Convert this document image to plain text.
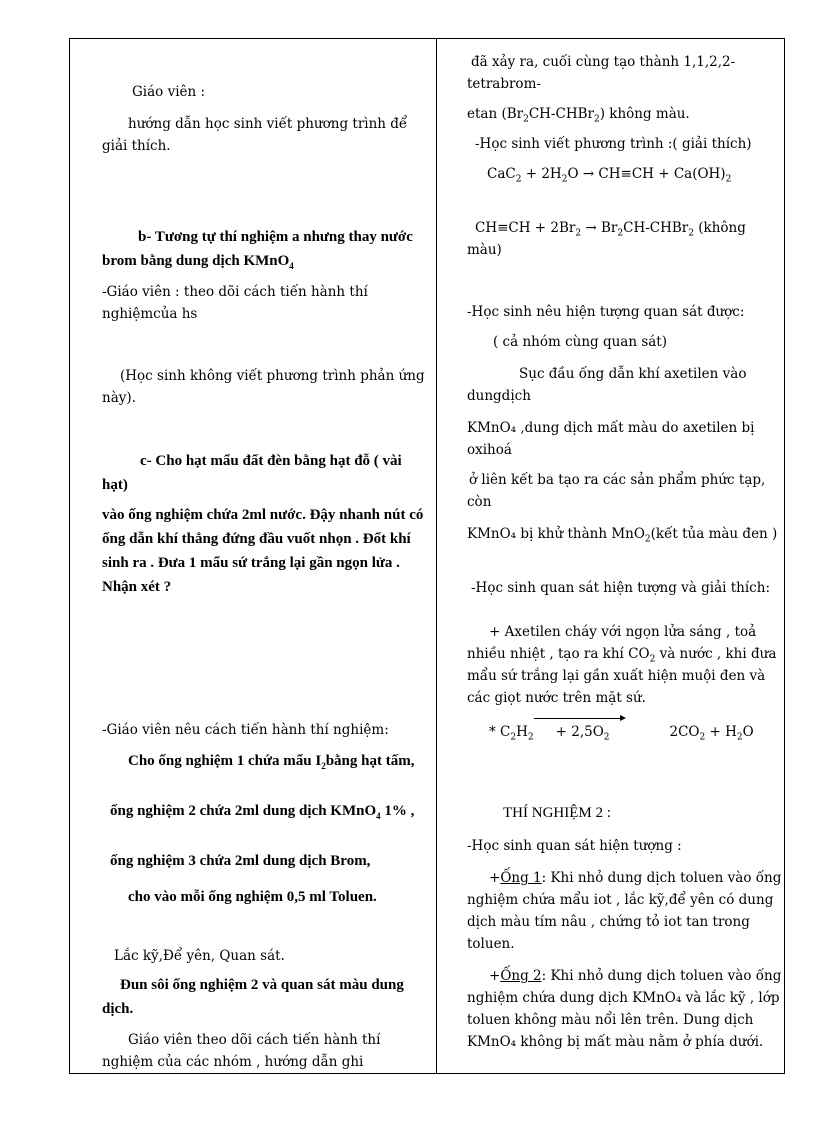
Giáo viên :

hướng dẫn học sinh viết phương trình để giải thích.

b- Tương tự thí nghiệm a nhưng thay nước brom bằng dung dịch KMnO$_4$

-Giáo viên : theo dõi cách tiến hành thí nghiệmcủa hs

(Học sinh không viết phương trình phản ứng này).

c- Cho hạt mẩu đất đèn bằng hạt đỗ ( vài hạt)

vào ống nghiệm chứa 2ml nước. Đậy nhanh nút có ống dẫn khí thẳng đứng đầu vuốt nhọn . Đốt khí sinh ra . Đưa 1 mẩu sứ trắng lại gần ngọn lửa . Nhận xét ?

-Giáo viên nêu cách tiến hành thí nghiệm:

Cho ống nghiệm 1 chứa mẩu $I_2bằng$ hạt tấm,

ống nghiệm 2 chứa 2ml dung dịch KMnO$_4$ 1% ,

ống nghiệm 3 chứa 2ml dung dịch Brom,

cho vào mỗi ống nghiệm 0,5 ml Toluen.

Lắc kỹ,Để yên, Quan sát.

Đun sôi ống nghiệm 2 và quan sát màu dung dịch.

Giáo viên theo dõi cách tiến hành thí nghiệm của các nhóm , hướng dẫn ghi

đã xảy ra, cuối cùng tạo thành 1,1,2,2-tetrabrom-

etan $(Br_2CH-CHBr_2)$ không màu.

-Học sinh viết phương trình :( giải thích)

$CaC_2 + 2H_2O \to CH\equiv CH + Ca(OH)_2$

$CH\equiv CH + 2Br_2$ → $Br_2CH-CHBr_2$ (không màu)

-Học sinh nêu hiện tượng quan sát được:

( cả nhóm cùng quan sát)

Sục đầu ống dẫn khí axetilen vào dungdịch

KMnO₄ ,dung dịch mất màu do axetilen bị oxihoá

ở liên kết ba tạo ra các sản phẩm phức tạp, còn

KMnO₄ bị khử thành MnO$_2$(kết tủa màu đen )

-Học sinh quan sát hiện tượng và giải thích:

+ Axetilen cháy với ngọn lửa sáng , toả nhiều nhiệt , tạo ra khí $CO_2$ và nước , khi đưa mẩu sứ trắng lại gần xuất hiện muội đen và các giọt nước trên mặt sứ.

* $C_2H_2+ 2,5O_2$	$2CO_2 + H_2O$

THÍ NGHIỆM 2 :

-Học sinh quan sát hiện tượng :

+Ống 1: Khi nhỏ dung dịch toluen vào ống nghiệm chứa mẩu iot , lắc kỹ,để yên có dung dịch màu tím nâu , chứng tỏ iot tan trong toluen.

+Ống 2: Khi nhỏ dung dịch toluen vào ống nghiệm chứa dung dịch KMnO₄ và lắc kỹ , lớp toluen không màu nổi lên trên. Dung dịch KMnO₄ không bị mất màu nằm ở phía dưới.
